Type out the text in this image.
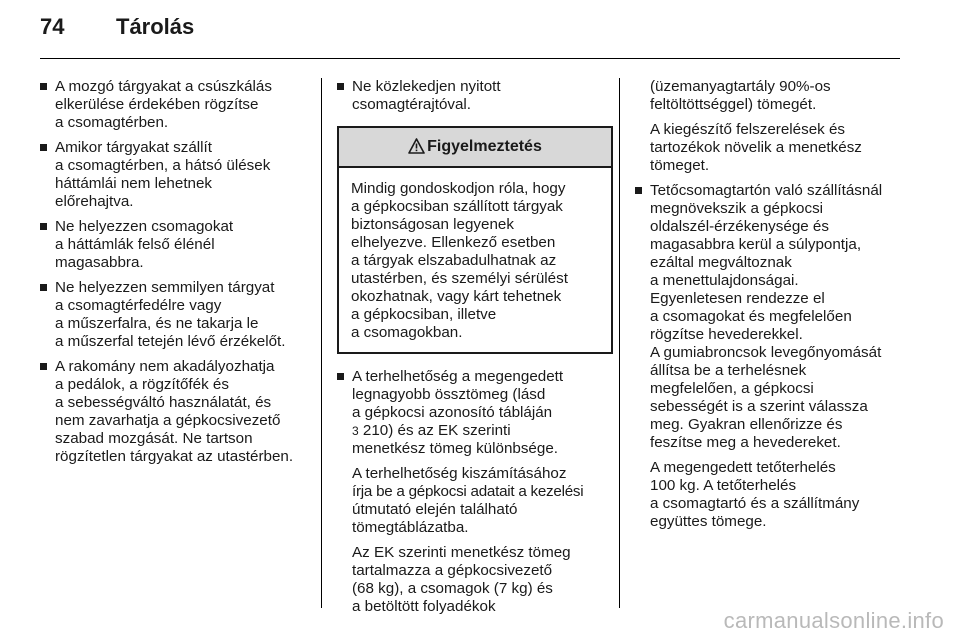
74 Tárolás
A mozgó tárgyakat a csúszkálás
elkerülése érdekében rögzítse
a csomagtérben.
Amikor tárgyakat szállít
a csomagtérben, a hátsó ülések
háttámlái nem lehetnek
előrehajtva.
Ne helyezzen csomagokat
a háttámlák felső élénél
magasabbra.
Ne helyezzen semmilyen tárgyat
a csomagtérfedélre vagy
a műszerfalra, és ne takarja le
a műszerfal tetején lévő érzékelőt.
A rakomány nem akadályozhatja
a pedálok, a rögzítőfék és
a sebességváltó használatát, és
nem zavarhatja a gépkocsivezető
szabad mozgását. Ne tartson
rögzítetlen tárgyakat az utastérben.
Ne közlekedjen nyitott
csomagtérajtóval.
Figyelmeztetés
Mindig gondoskodjon róla, hogy
a gépkocsiban szállított tárgyak
biztonságosan legyenek
elhelyezve. Ellenkező esetben
a tárgyak elszabadulhatnak az
utastérben, és személyi sérülést
okozhatnak, vagy kárt tehetnek
a gépkocsiban, illetve
a csomagokban.
A terhelhetőség a megengedett
legnagyobb össztömeg (lásd
a gépkocsi azonosító tábláján
3 210) és az EK szerinti
menetkész tömeg különbsége.
A terhelhetőség kiszámításához
írja be a gépkocsi adatait a kezelési
útmutató elején található
tömegtáblázatba.
Az EK szerinti menetkész tömeg
tartalmazza a gépkocsivezető
(68 kg), a csomagok (7 kg) és
a betöltött folyadékok
(üzemanyagtartály 90%-os
feltöltöttséggel) tömegét.
A kiegészítő felszerelések és
tartozékok növelik a menetkész
tömeget.
Tetőcsomagtartón való szállításnál
megnövekszik a gépkocsi
oldalszél-érzékenysége és
magasabbra kerül a súlypontja,
ezáltal megváltoznak
a menettulajdonságai.
Egyenletesen rendezze el
a csomagokat és megfelelően
rögzítse hevederekkel.
A gumiabroncsok levegőnyomását
állítsa be a terhelésnek
megfelelően, a gépkocsi
sebességét is a szerint válassza
meg. Gyakran ellenőrizze és
feszítse meg a hevedereket.
A megengedett tetőterhelés
100 kg. A tetőterhelés
a csomagtartó és a szállítmány
együttes tömege.
carmanualsonline.info
